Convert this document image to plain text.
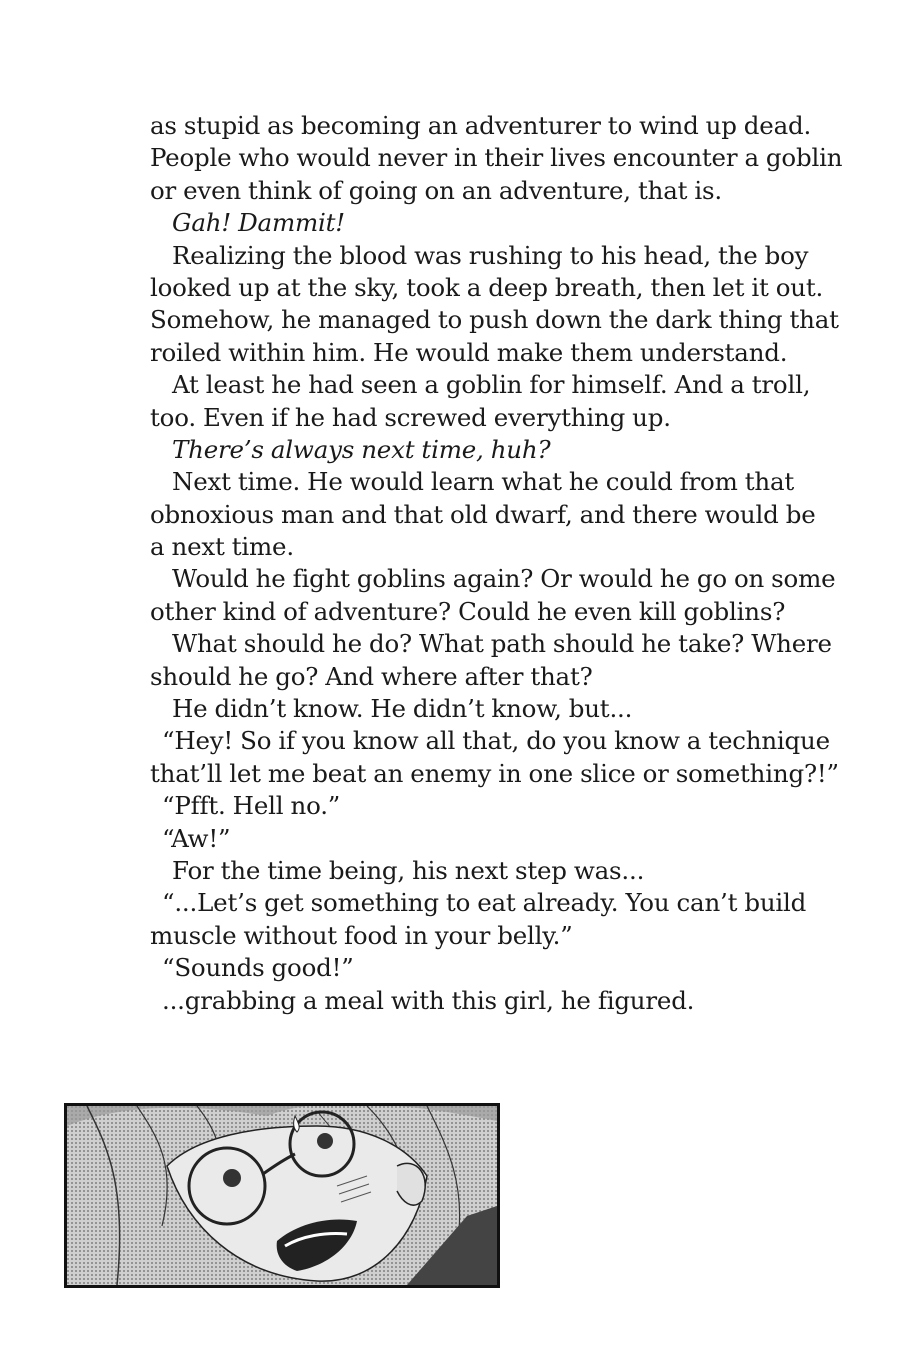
as stupid as becoming an adventurer to wind up dead.
People who would never in their lives encounter a goblin
or even think of going on an adventure, that is.
Gah! Dammit!
Realizing the blood was rushing to his head, the boy
looked up at the sky, took a deep breath, then let it out.
Somehow, he managed to push down the dark thing that
roiled within him. He would make them understand.
At least he had seen a goblin for himself. And a troll,
too. Even if he had screwed everything up.
There’s always next time, huh?
Next time. He would learn what he could from that
obnoxious man and that old dwarf, and there would be
a next time.
Would he fight goblins again? Or would he go on some
other kind of adventure? Could he even kill goblins?
What should he do? What path should he take? Where
should he go? And where after that?
He didn’t know. He didn’t know, but...
“Hey! So if you know all that, do you know a technique
that’ll let me beat an enemy in one slice or something?!”
“Pfft. Hell no.”
“Aw!”
For the time being, his next step was...
“...Let’s get something to eat already. You can’t build
muscle without food in your belly.”
“Sounds good!”
...grabbing a meal with this girl, he figured.
